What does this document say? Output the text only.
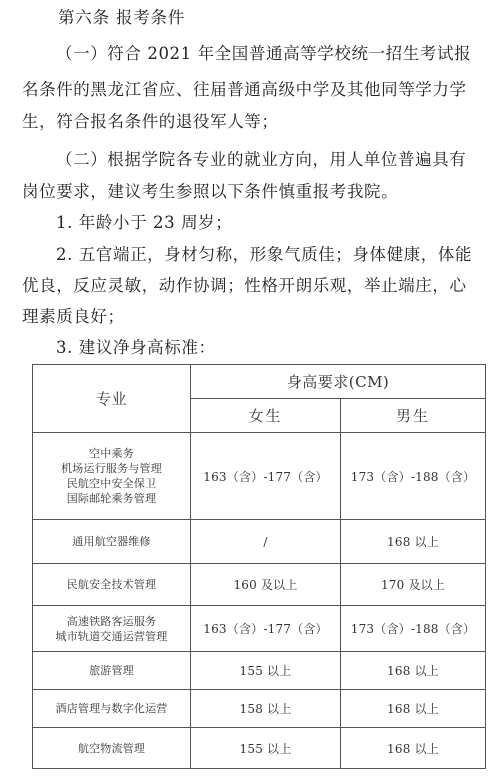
第六条 报考条件
（一）符合 2021 年全国普通高等学校统一招生考试报
名条件的黑龙江省应、往届普通高级中学及其他同等学力学
生，符合报名条件的退役军人等；
（二）根据学院各专业的就业方向，用人单位普遍具有
岗位要求，建议考生参照以下条件慎重报考我院。
1. 年龄小于 23 周岁；
2. 五官端正，身材匀称，形象气质佳；身体健康，体能
优良，反应灵敏，动作协调；性格开朗乐观，举止端庄，心
理素质良好；
3. 建议净身高标准：
专业	身高要求(CM)	
	女生	男生

空中乘务
机场运行服务与管理
民航空中安全保卫
国际邮轮乘务管理	163（含）-177（含）	173（含）-188（含）

通用航空器维修	/	168 以上

民航安全技术管理	160 及以上	170 及以上

高速铁路客运服务
城市轨道交通运营管理	163（含）-177（含）	173（含）-188（含）

旅游管理	155 以上	168 以上

酒店管理与数字化运营	158 以上	168 以上

航空物流管理	155 以上	168 以上
